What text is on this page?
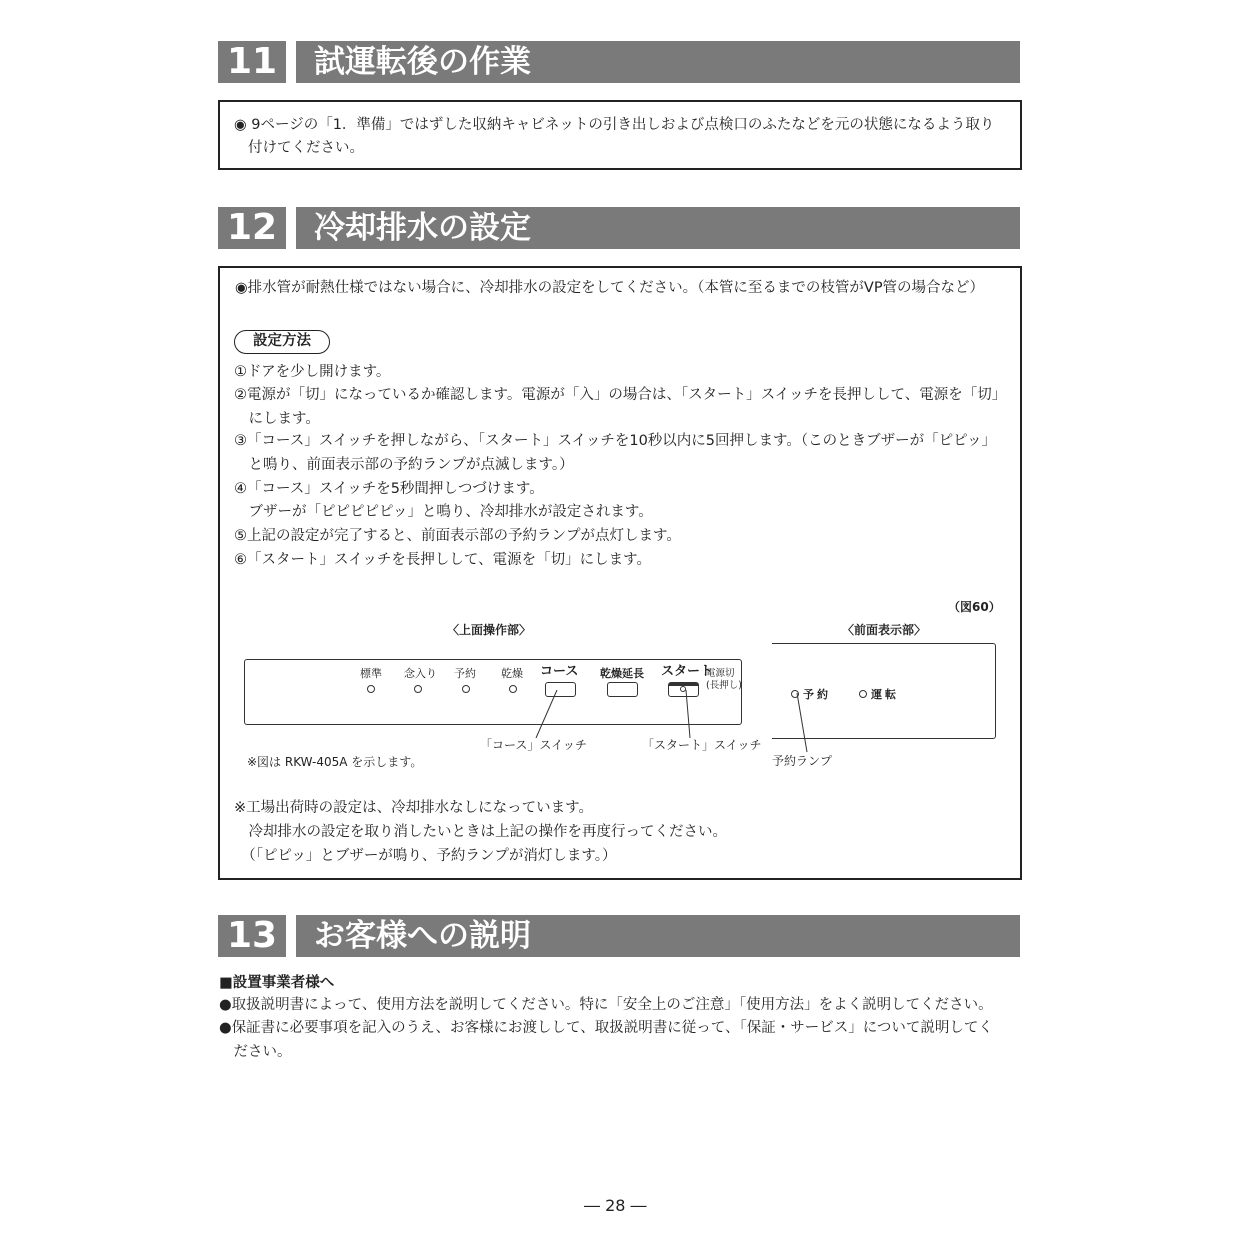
11	試運転後の作業
◉ 9ページの「1．準備」ではずした収納キャビネットの引き出しおよび点検口のふたなどを元の状態になるよう取り
付けてください。
12	冷却排水の設定
◉排水管が耐熱仕様ではない場合に、冷却排水の設定をしてください。（本管に至るまでの枝管がVP管の場合など）
設定方法
①ドアを少し開けます。
②電源が「切」になっているか確認します。電源が「入」の場合は、「スタート」スイッチを長押しして、電源を「切」
　にします。
③「コース」スイッチを押しながら、「スタート」スイッチを10秒以内に5回押します。（このときブザーが「ピピッ」
　と鳴り、前面表示部の予約ランプが点滅します。）
④「コース」スイッチを5秒間押しつづけます。
　ブザーが「ピピピピピッ」と鳴り、冷却排水が設定されます。
⑤上記の設定が完了すると、前面表示部の予約ランプが点灯します。
⑥「スタート」スイッチを長押しして、電源を「切」にします。
（図60）
〈上面操作部〉	〈前面表示部〉
標準 念入り 予約 乾燥 コース 乾燥延長 スタート
電源切
(長押し)
予約	運転
「コース」スイッチ	「スタート」スイッチ
予約ランプ
※図は RKW-405A を示します。
※工場出荷時の設定は、冷却排水なしになっています。
　冷却排水の設定を取り消したいときは上記の操作を再度行ってください。
　（「ピピッ」とブザーが鳴り、予約ランプが消灯します。）
13	お客様への説明
■設置事業者様へ
●取扱説明書によって、使用方法を説明してください。特に「安全上のご注意」「使用方法」をよく説明してください。
●保証書に必要事項を記入のうえ、お客様にお渡しして、取扱説明書に従って、「保証・サービス」について説明してく
　ださい。
― 28 ―
